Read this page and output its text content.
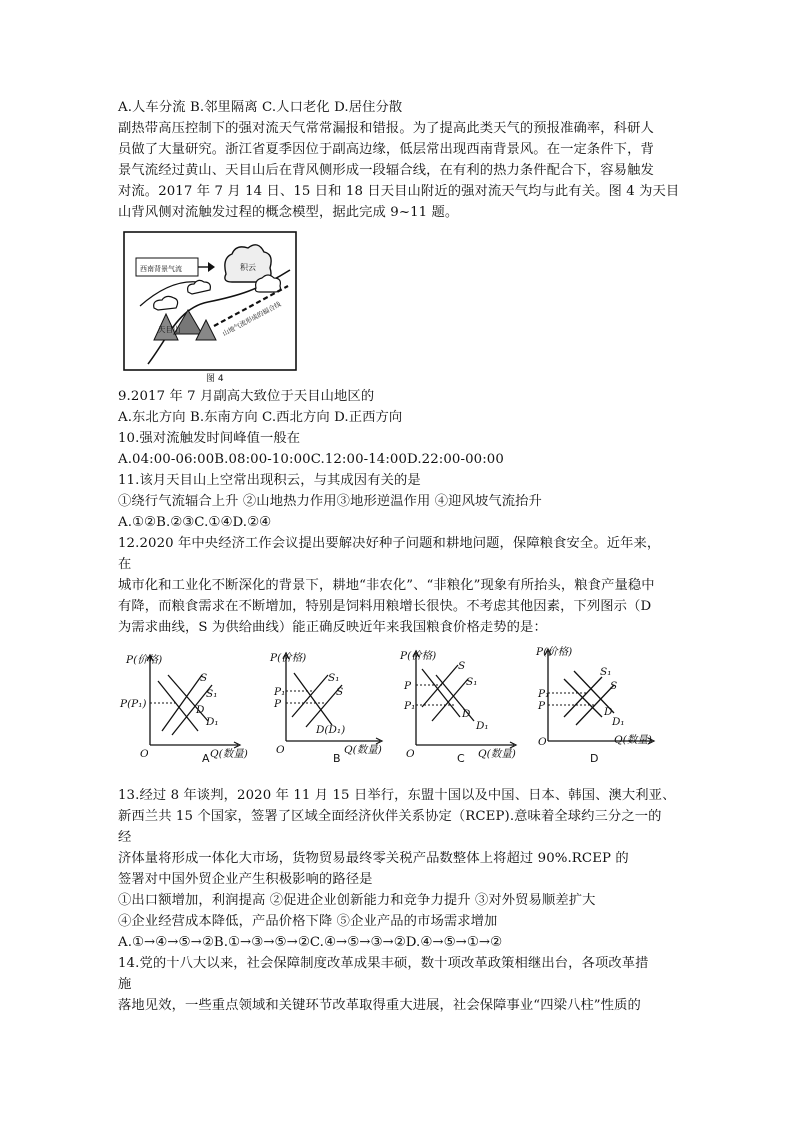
A.人车分流 B.邻里隔离 C.人口老化 D.居住分散
副热带高压控制下的强对流天气常常漏报和错报。为了提高此类天气的预报准确率，科研人
员做了大量研究。浙江省夏季因位于副高边缘，低层常出现西南背景风。在一定条件下，背
景气流经过黄山、天目山后在背风侧形成一段辐合线，在有利的热力条件配合下，容易触发
对流。2017 年 7 月 14 日、15 日和 18 日天目山附近的强对流天气均与此有关。图 4 为天目
山背风侧对流触发过程的概念模型，据此完成 9~11 题。
西南背景气流	积云
山地气流形成的辐合线
天目山
图 4
9.2017 年 7 月副高大致位于天目山地区的
A.东北方向 B.东南方向 C.西北方向 D.正西方向
10.强对流触发时间峰值一般在
A.04:00-06:00B.08:00-10:00C.12:00-14:00D.22:00-00:00
11.该月天目山上空常出现积云，与其成因有关的是
①绕行气流辐合上升 ②山地热力作用③地形逆温作用 ④迎风坡气流抬升
A.①②B.②③C.①④D.②④
12.2020 年中央经济工作会议提出要解决好种子问题和耕地问题，保障粮食安全。近年来，
在
城市化和工业化不断深化的背景下，耕地“非农化”、“非粮化”现象有所抬头，粮食产量稳中
有降，而粮食需求在不断增加，特别是饲料用粮增长很快。不考虑其他因素，下列图示（D
为需求曲线，S 为供给曲线）能正确反映近年来我国粮食价格走势的是：
P(价格)
Q(数量)
O
P(P₁)
S
S₁
D
D₁
A
P(价格)
Q(数量)
O
P₁
P
S₁
S
D(D₁)
B
P(价格)
Q(数量)
O
P
P₁
S
S₁
D
D₁
C
P(价格)
Q(数量)
O
P₁
P
S₁
S
D
D₁
D
13.经过 8 年谈判，2020 年 11 月 15 日举行，东盟十国以及中国、日本、韩国、澳大利亚、
新西兰共 15 个国家，签署了区域全面经济伙伴关系协定（RCEP).意味着全球约三分之一的
经
济体量将形成一体化大市场，货物贸易最终零关税产品数整体上将超过 90%.RCEP 的
签署对中国外贸企业产生积极影响的路径是
①出口额增加，利润提高 ②促进企业创新能力和竞争力提升 ③对外贸易顺差扩大
④企业经营成本降低，产品价格下降 ⑤企业产品的市场需求增加
A.①→④→⑤→②B.①→③→⑤→②C.④→⑤→③→②D.④→⑤→①→②
14.党的十八大以来，社会保障制度改革成果丰硕，数十项改革政策相继出台，各项改革措
施
落地见效，一些重点领域和关键环节改革取得重大进展，社会保障事业“四梁八柱”性质的
